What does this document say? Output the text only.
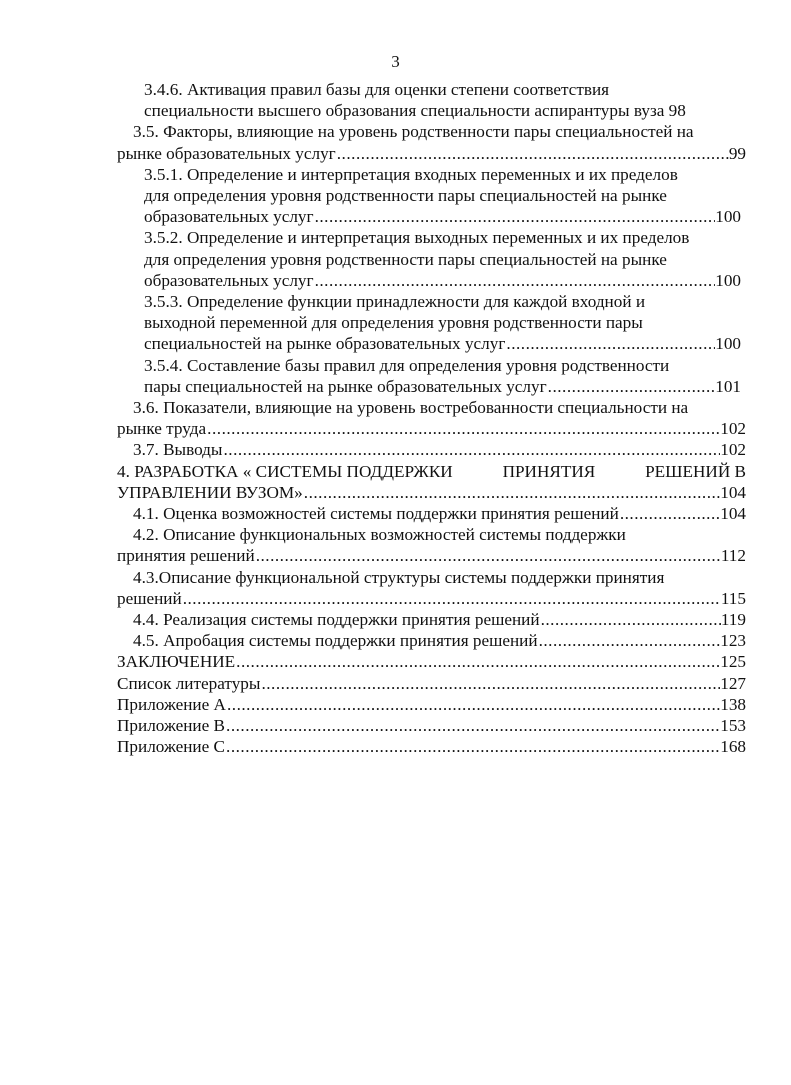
3
3.4.6. Активация правил базы для оценки степени соответствия
специальности высшего образования специальности аспирантуры вуза 98
3.5. Факторы, влияющие на уровень родственности пары специальностей на
рынке образовательных услуг .....	99
3.5.1. Определение и интерпретация входных переменных и их пределов
для определения уровня родственности пары специальностей на рынке
образовательных услуг .....	100
3.5.2. Определение и интерпретация выходных переменных и их пределов
для определения уровня родственности пары специальностей на рынке
образовательных услуг .....	100
3.5.3. Определение функции принадлежности для каждой входной и
выходной переменной для определения уровня родственности пары
специальностей на рынке образовательных услуг .....	100
3.5.4. Составление базы правил для определения уровня родственности
пары специальностей на рынке образовательных услуг .....	101
3.6. Показатели, влияющие на уровень востребованности специальности на
рынке труда .....	102
3.7. Выводы .....	102
4. РАЗРАБОТКА « СИСТЕМЫ ПОДДЕРЖКИ	ПРИНЯТИЯ	РЕШЕНИЙ В
УПРАВЛЕНИИ ВУЗОМ» .....	104
4.1. Оценка возможностей системы поддержки принятия решений .....	104
4.2. Описание функциональных возможностей системы поддержки
принятия решений .....	112
4.3.Описание функциональной структуры системы поддержки принятия
решений .....	115
4.4. Реализация системы поддержки принятия решений .....	119
4.5. Апробация системы поддержки принятия решений .....	123
ЗАКЛЮЧЕНИЕ .....	125
Список литературы .....	127
Приложение А .....	138
Приложение В .....	153
Приложение С .....	168
